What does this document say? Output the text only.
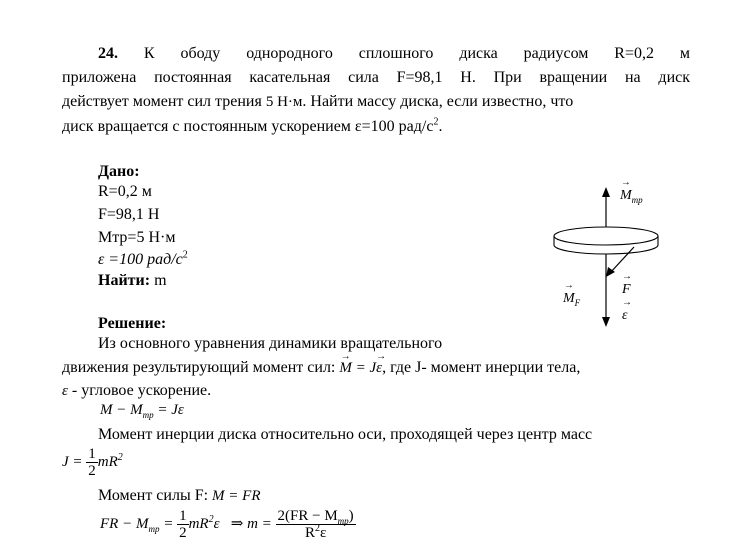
24. К ободу однородного сплошного диска радиусом R=0,2 м
приложена постоянная касательная сила F=98,1 Н. При вращении на диск
действует момент сил трения 5 Н·м. Найти массу диска, если известно, что
диск вращается с постоянным ускорением ε=100 рад/$с^2$.
Дано:
R=0,2 м
F=98,1 Н
Мтр=5 Н·м
ε =100 рад/$с^2$
Найти: m
→ $M_{тр}$
→ F
→ $M_F$
→ ε
Решение:
Из основного уравнения динамики вращательного
движения результирующий момент сил: → M = J→ ε, где J- момент инерции тела,
ε - угловое ускорение.
$M - M_{тр} = J\varepsilon$
Момент инерции диска относительно оси, проходящей через центр масс
$J = \frac{1}{2} mR^2$
Момент силы F: M = FR
FR − $M_{тр} = \frac{1}{2} mR^2\varepsilon$ ⇒ $m = \frac{2(FR - M_{тр})}{R^2\varepsilon}$
